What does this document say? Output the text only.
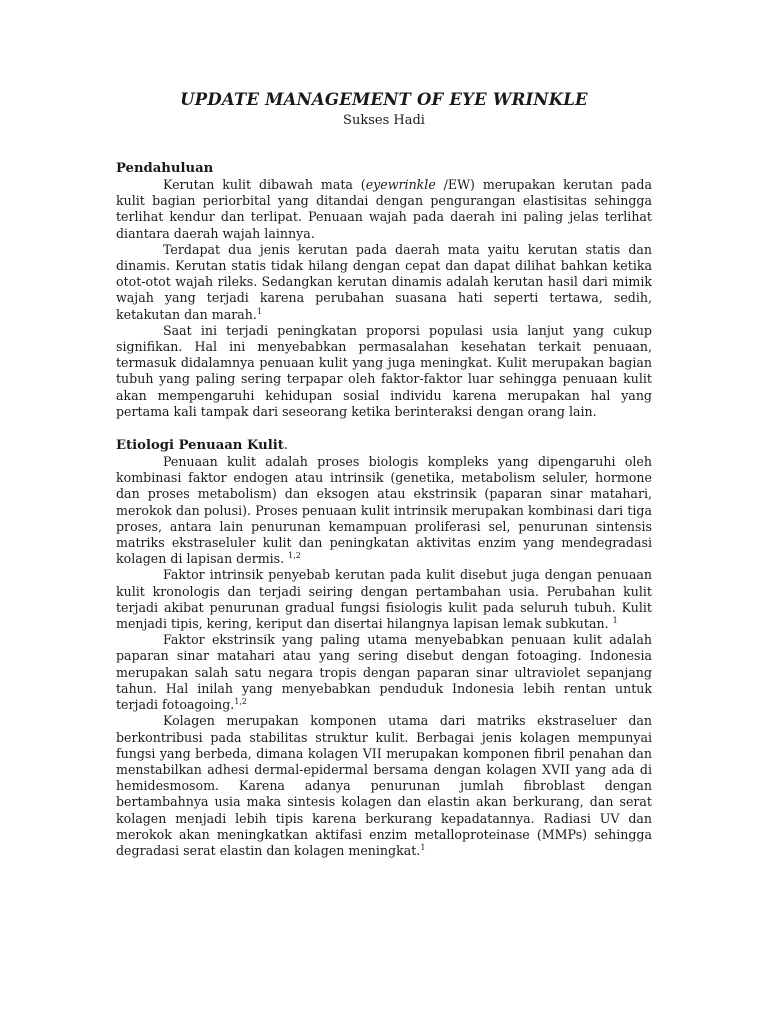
UPDATE MANAGEMENT OF EYE WRINKLE
Sukses Hadi
Pendahuluan

Kerutan kulit dibawah mata (eyewrinkle /EW) merupakan kerutan pada kulit bagian periorbital yang ditandai dengan pengurangan elastisitas sehingga terlihat kendur dan terlipat. Penuaan wajah pada daerah ini paling jelas terlihat diantara daerah wajah lainnya.

Terdapat dua jenis kerutan pada daerah mata yaitu kerutan statis dan dinamis. Kerutan statis tidak hilang dengan cepat dan dapat dilihat bahkan ketika otot-otot wajah rileks. Sedangkan kerutan dinamis adalah kerutan hasil dari mimik wajah yang terjadi karena perubahan suasana hati seperti tertawa, sedih, ketakutan dan marah.$^1$

Saat ini terjadi peningkatan proporsi populasi usia lanjut yang cukup signifikan. Hal ini menyebabkan permasalahan kesehatan terkait penuaan, termasuk didalamnya penuaan kulit yang juga meningkat. Kulit merupakan bagian tubuh yang paling sering terpapar oleh faktor-faktor luar sehingga penuaan kulit akan mempengaruhi kehidupan sosial individu karena merupakan hal yang pertama kali tampak dari seseorang ketika berinteraksi dengan orang lain.

Etiologi Penuaan Kulit.

Penuaan kulit adalah proses biologis kompleks yang dipengaruhi oleh kombinasi faktor endogen atau intrinsik (genetika, metabolism seluler, hormone dan proses metabolism) dan eksogen atau ekstrinsik (paparan sinar matahari, merokok dan polusi). Proses penuaan kulit intrinsik merupakan kombinasi dari tiga proses, antara lain penurunan kemampuan proliferasi sel, penurunan sintensis matriks ekstraseluler kulit dan peningkatan aktivitas enzim yang mendegradasi kolagen di lapisan dermis. $^{1,2}$

Faktor intrinsik penyebab kerutan pada kulit disebut juga dengan penuaan kulit kronologis dan terjadi seiring dengan pertambahan usia. Perubahan kulit terjadi akibat penurunan gradual fungsi fisiologis kulit pada seluruh tubuh. Kulit menjadi tipis, kering, keriput dan disertai hilangnya lapisan lemak subkutan. $^1$

Faktor ekstrinsik yang paling utama menyebabkan penuaan kulit adalah paparan sinar matahari atau yang sering disebut dengan fotoaging. Indonesia merupakan salah satu negara tropis dengan paparan sinar ultraviolet sepanjang tahun. Hal inilah yang menyebabkan penduduk Indonesia lebih rentan untuk terjadi fotoagoing.$^{1,2}$

Kolagen merupakan komponen utama dari matriks ekstraseluer dan berkontribusi pada stabilitas struktur kulit. Berbagai jenis kolagen mempunyai fungsi yang berbeda, dimana kolagen VII merupakan komponen fibril penahan dan menstabilkan adhesi dermal-epidermal bersama dengan kolagen XVII yang ada di hemidesmosom. Karena adanya penurunan jumlah fibroblast dengan bertambahnya usia maka sintesis kolagen dan elastin akan berkurang, dan serat kolagen menjadi lebih tipis karena berkurang kepadatannya. Radiasi UV dan merokok akan meningkatkan aktifasi enzim metalloproteinase (MMPs) sehingga degradasi serat elastin dan kolagen meningkat.$^1$
